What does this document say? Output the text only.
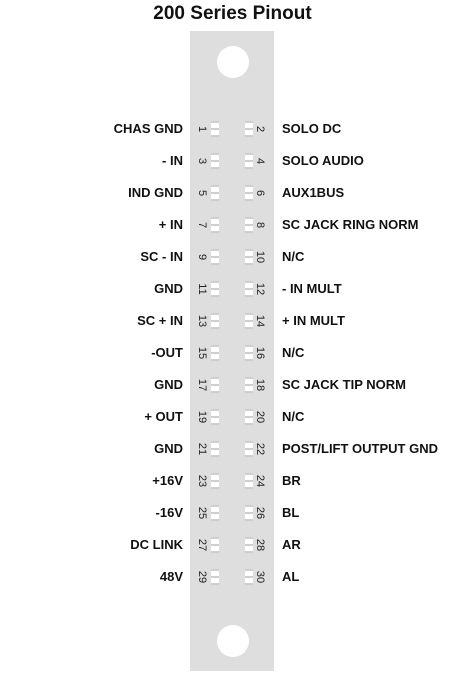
200 Series Pinout
CHAS GND 1	2 SOLO DC
- IN 3	4 SOLO AUDIO
IND GND 5	6 AUX1BUS
+ IN 7	8 SC JACK RING NORM
SC - IN 9	10 N/C
GND 11	12 - IN MULT
SC + IN 13	14 + IN MULT
-OUT 15	16 N/C
GND 17	18 SC JACK TIP NORM
+ OUT 19	20 N/C
GND 21	22 POST/LIFT OUTPUT GND
+16V 23	24 BR
-16V 25	26 BL
DC LINK 27	28 AR
48V 29	30 AL
